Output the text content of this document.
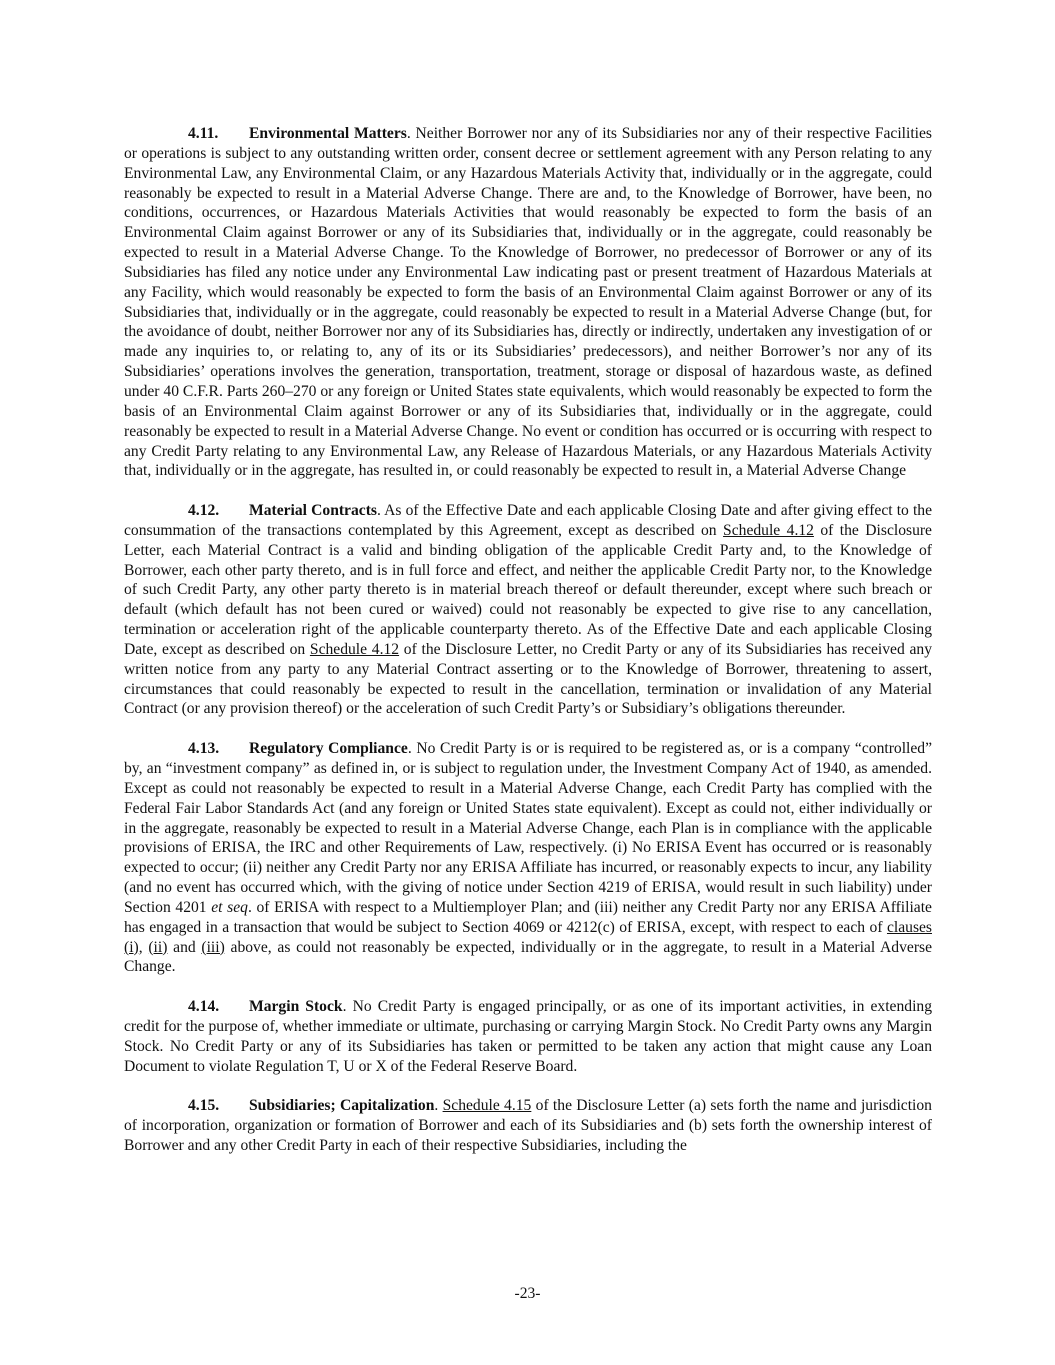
4.11. Environmental Matters. Neither Borrower nor any of its Subsidiaries nor any of their respective Facilities or operations is subject to any outstanding written order, consent decree or settlement agreement with any Person relating to any Environmental Law, any Environmental Claim, or any Hazardous Materials Activity that, individually or in the aggregate, could reasonably be expected to result in a Material Adverse Change. There are and, to the Knowledge of Borrower, have been, no conditions, occurrences, or Hazardous Materials Activities that would reasonably be expected to form the basis of an Environmental Claim against Borrower or any of its Subsidiaries that, individually or in the aggregate, could reasonably be expected to result in a Material Adverse Change. To the Knowledge of Borrower, no predecessor of Borrower or any of its Subsidiaries has filed any notice under any Environmental Law indicating past or present treatment of Hazardous Materials at any Facility, which would reasonably be expected to form the basis of an Environmental Claim against Borrower or any of its Subsidiaries that, individually or in the aggregate, could reasonably be expected to result in a Material Adverse Change (but, for the avoidance of doubt, neither Borrower nor any of its Subsidiaries has, directly or indirectly, undertaken any investigation of or made any inquiries to, or relating to, any of its or its Subsidiaries’ predecessors), and neither Borrower’s nor any of its Subsidiaries’ operations involves the generation, transportation, treatment, storage or disposal of hazardous waste, as defined under 40 C.F.R. Parts 260–270 or any foreign or United States state equivalents, which would reasonably be expected to form the basis of an Environmental Claim against Borrower or any of its Subsidiaries that, individually or in the aggregate, could reasonably be expected to result in a Material Adverse Change. No event or condition has occurred or is occurring with respect to any Credit Party relating to any Environmental Law, any Release of Hazardous Materials, or any Hazardous Materials Activity that, individually or in the aggregate, has resulted in, or could reasonably be expected to result in, a Material Adverse Change

4.12. Material Contracts. As of the Effective Date and each applicable Closing Date and after giving effect to the consummation of the transactions contemplated by this Agreement, except as described on Schedule 4.12 of the Disclosure Letter, each Material Contract is a valid and binding obligation of the applicable Credit Party and, to the Knowledge of Borrower, each other party thereto, and is in full force and effect, and neither the applicable Credit Party nor, to the Knowledge of such Credit Party, any other party thereto is in material breach thereof or default thereunder, except where such breach or default (which default has not been cured or waived) could not reasonably be expected to give rise to any cancellation, termination or acceleration right of the applicable counterparty thereto. As of the Effective Date and each applicable Closing Date, except as described on Schedule 4.12 of the Disclosure Letter, no Credit Party or any of its Subsidiaries has received any written notice from any party to any Material Contract asserting or to the Knowledge of Borrower, threatening to assert, circumstances that could reasonably be expected to result in the cancellation, termination or invalidation of any Material Contract (or any provision thereof) or the acceleration of such Credit Party’s or Subsidiary’s obligations thereunder.

4.13. Regulatory Compliance. No Credit Party is or is required to be registered as, or is a company “controlled” by, an “investment company” as defined in, or is subject to regulation under, the Investment Company Act of 1940, as amended. Except as could not reasonably be expected to result in a Material Adverse Change, each Credit Party has complied with the Federal Fair Labor Standards Act (and any foreign or United States state equivalent). Except as could not, either individually or in the aggregate, reasonably be expected to result in a Material Adverse Change, each Plan is in compliance with the applicable provisions of ERISA, the IRC and other Requirements of Law, respectively. (i) No ERISA Event has occurred or is reasonably expected to occur; (ii) neither any Credit Party nor any ERISA Affiliate has incurred, or reasonably expects to incur, any liability (and no event has occurred which, with the giving of notice under Section 4219 of ERISA, would result in such liability) under Section 4201 et seq. of ERISA with respect to a Multiemployer Plan; and (iii) neither any Credit Party nor any ERISA Affiliate has engaged in a transaction that would be subject to Section 4069 or 4212(c) of ERISA, except, with respect to each of clauses (i), (ii) and (iii) above, as could not reasonably be expected, individually or in the aggregate, to result in a Material Adverse Change.

4.14. Margin Stock. No Credit Party is engaged principally, or as one of its important activities, in extending credit for the purpose of, whether immediate or ultimate, purchasing or carrying Margin Stock. No Credit Party owns any Margin Stock. No Credit Party or any of its Subsidiaries has taken or permitted to be taken any action that might cause any Loan Document to violate Regulation T, U or X of the Federal Reserve Board.

4.15. Subsidiaries; Capitalization. Schedule 4.15 of the Disclosure Letter (a) sets forth the name and jurisdiction of incorporation, organization or formation of Borrower and each of its Subsidiaries and (b) sets forth the ownership interest of Borrower and any other Credit Party in each of their respective Subsidiaries, including the

-23-
